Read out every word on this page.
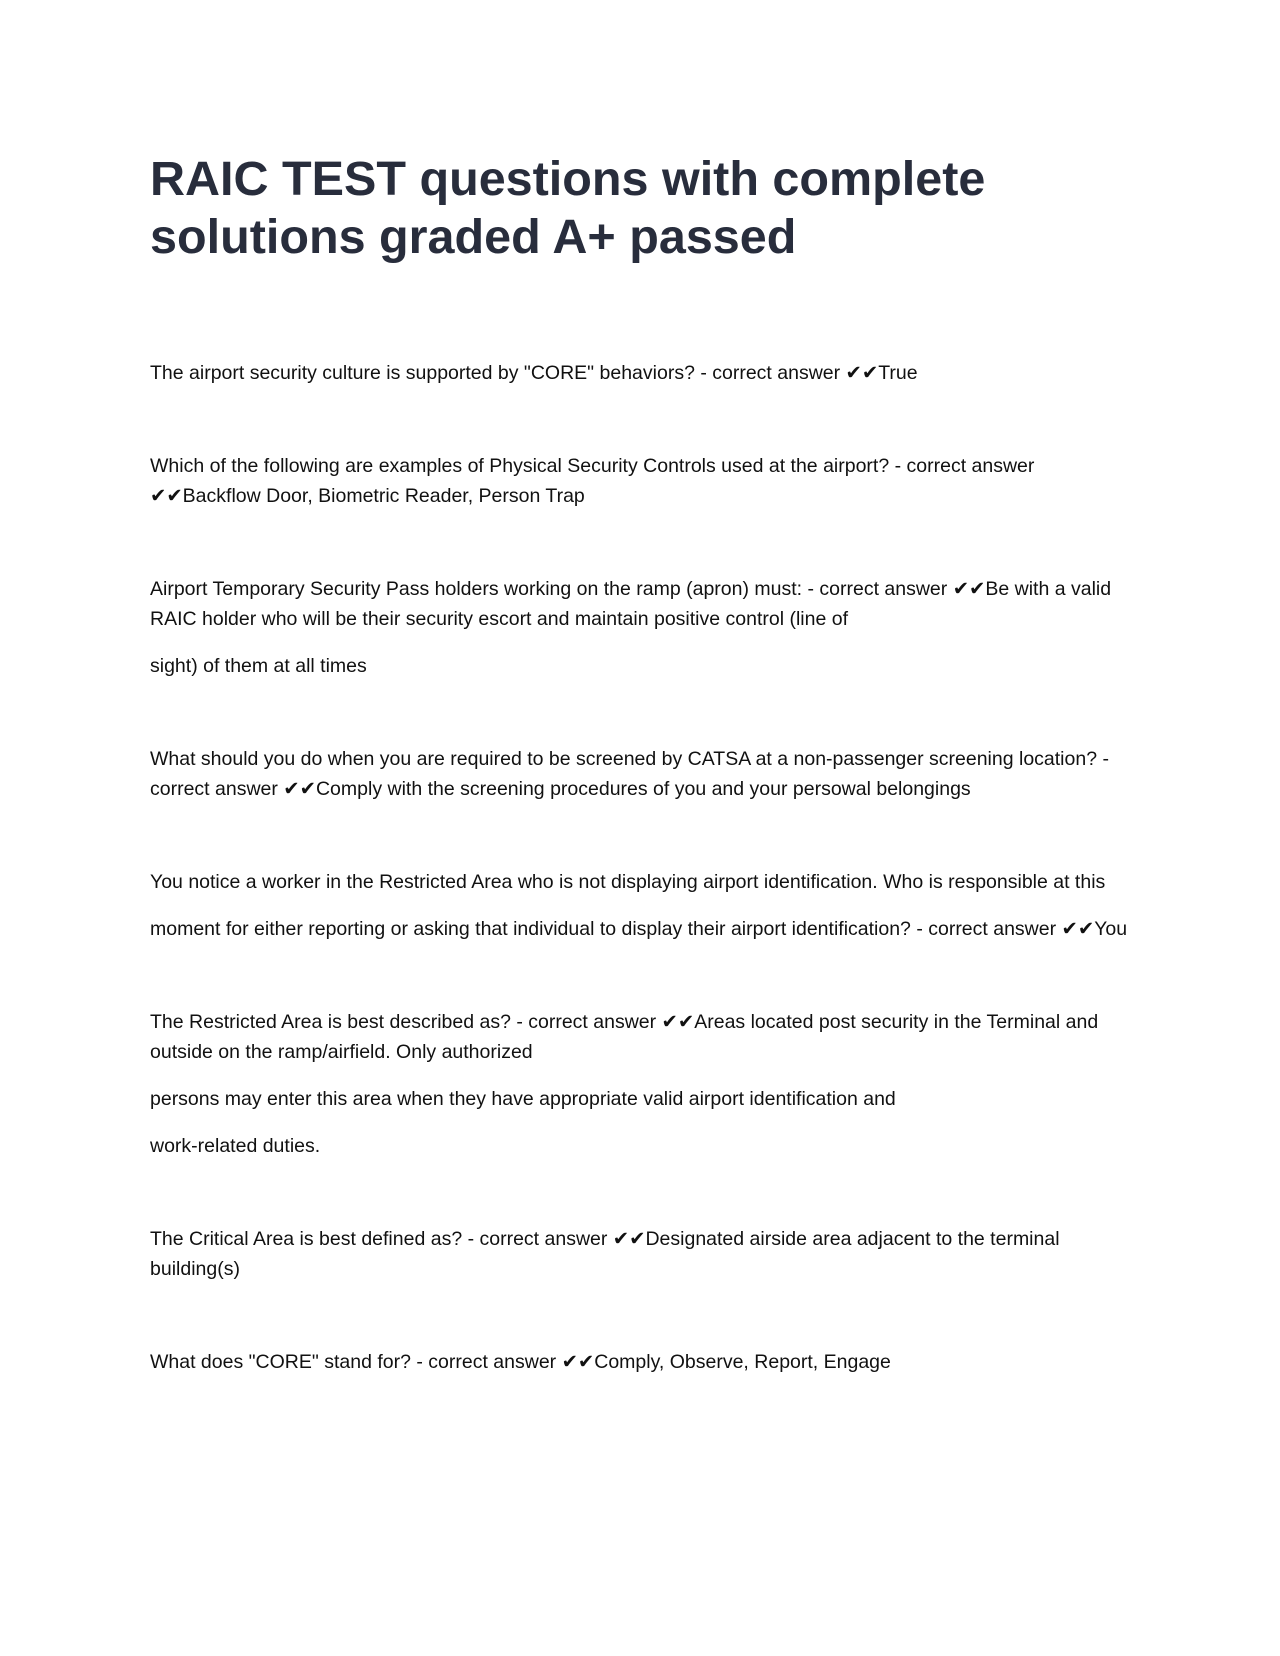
RAIC TEST questions with complete solutions graded A+ passed

The airport security culture is supported by "CORE" behaviors? - correct answer ✔✔True

Which of the following are examples of Physical Security Controls used at the airport? - correct answer ✔✔Backflow Door, Biometric Reader, Person Trap

Airport Temporary Security Pass holders working on the ramp (apron) must: - correct answer ✔✔Be with a valid RAIC holder who will be their security escort and maintain positive control (line of

sight) of them at all times

What should you do when you are required to be screened by CATSA at a non-passenger screening location? - correct answer ✔✔Comply with the screening procedures of you and your persowal belongings

You notice a worker in the Restricted Area who is not displaying airport identification. Who is responsible at this

moment for either reporting or asking that individual to display their airport identification? - correct answer ✔✔You

The Restricted Area is best described as? - correct answer ✔✔Areas located post security in the Terminal and outside on the ramp/airfield. Only authorized

persons may enter this area when they have appropriate valid airport identification and

work-related duties.

The Critical Area is best defined as? - correct answer ✔✔Designated airside area adjacent to the terminal building(s)

What does "CORE" stand for? - correct answer ✔✔Comply, Observe, Report, Engage
